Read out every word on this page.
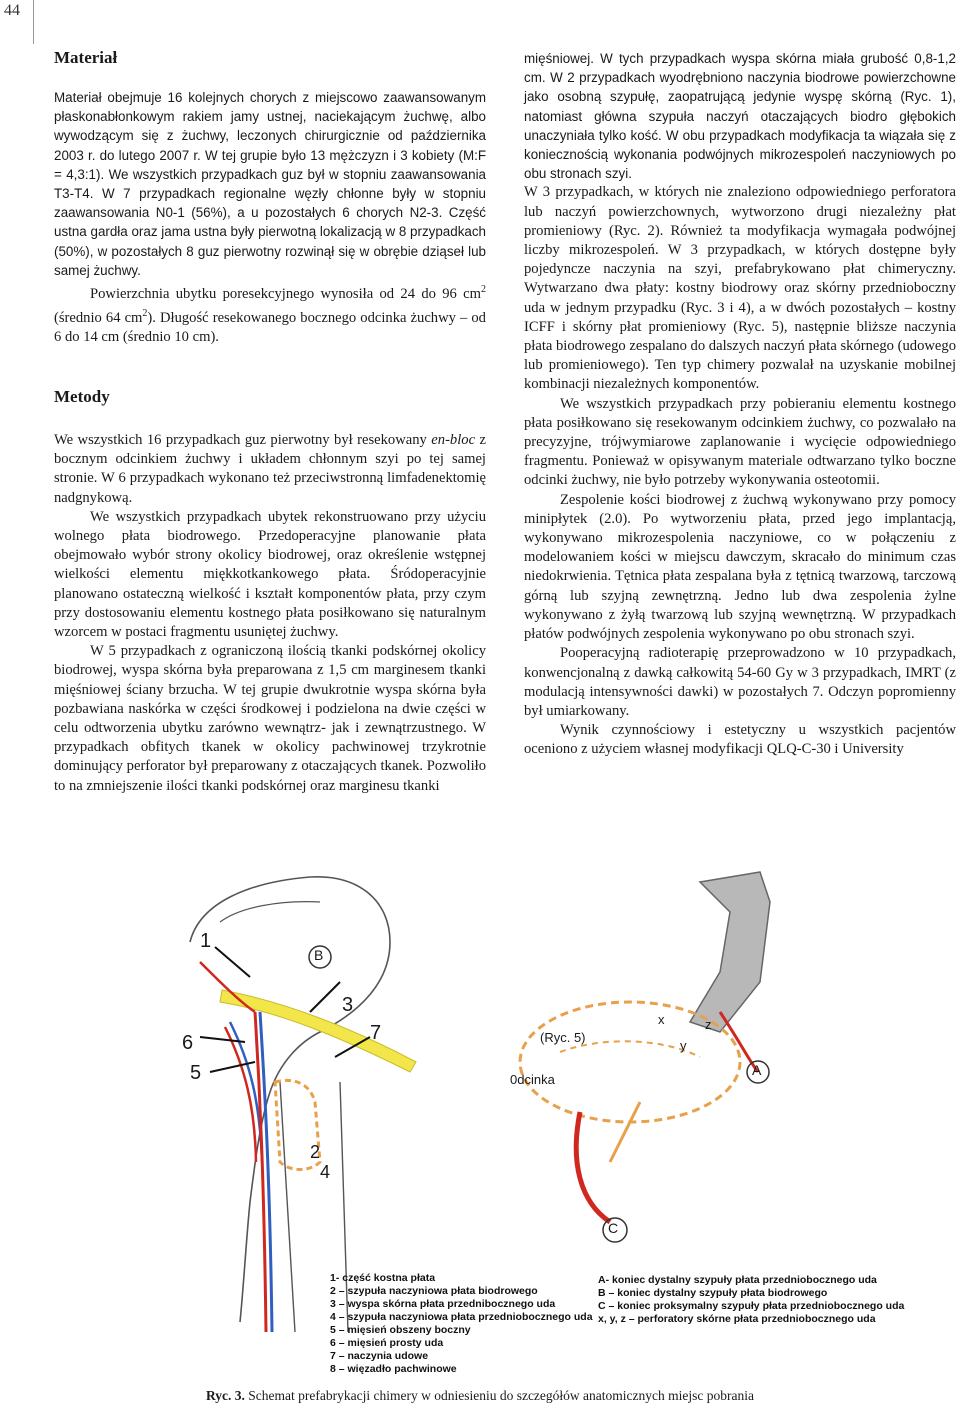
44
Materiał

Materiał obejmuje 16 kolejnych chorych z miejscowo zaawansowanym płaskonabłonkowym rakiem jamy ustnej, naciekającym żuchwę, albo wywodzącym się z żuchwy, leczonych chirurgicznie od października 2003 r. do lutego 2007 r. W tej grupie było 13 mężczyzn i 3 kobiety (M:F = 4,3:1). We wszystkich przypadkach guz był w stopniu zaawansowania T3-T4. W 7 przypadkach regionalne węzły chłonne były w stopniu zaawansowania N0-1 (56%), a u pozostałych 6 chorych N2-3. Część ustna gardła oraz jama ustna były pierwotną lokalizacją w 8 przypadkach (50%), w pozostałych 8 guz pierwotny rozwinął się w obrębie dziąseł lub samej żuchwy.

Powierzchnia ubytku poresekcyjnego wynosiła od 24 do 96 $cm^2$ (średnio 64 $cm^2$). Długość resekowanego bocznego odcinka żuchwy – od 6 do 14 cm (średnio 10 cm).

Metody

We wszystkich 16 przypadkach guz pierwotny był resekowany en-bloc z bocznym odcinkiem żuchwy i układem chłonnym szyi po tej samej stronie. W 6 przypadkach wykonano też przeciwstronną limfadenektomię nadgnykową.

We wszystkich przypadkach ubytek rekonstruowano przy użyciu wolnego płata biodrowego. Przedoperacyjne planowanie płata obejmowało wybór strony okolicy biodrowej, oraz określenie wstępnej wielkości elementu miękkotkankowego płata. Śródoperacyjnie planowano ostateczną wielkość i kształt komponentów płata, przy czym przy dostosowaniu elementu kostnego płata posiłkowano się naturalnym wzorcem w postaci fragmentu usuniętej żuchwy.

W 5 przypadkach z ograniczoną ilością tkanki podskórnej okolicy biodrowej, wyspa skórna była preparowana z 1,5 cm marginesem tkanki mięśniowej ściany brzucha. W tej grupie dwukrotnie wyspa skórna była pozbawiana naskórka w części środkowej i podzielona na dwie części w celu odtworzenia ubytku zarówno wewnątrz- jak i zewnątrzustnego. W przypadkach obfitych tkanek w okolicy pachwinowej trzykrotnie dominujący perforator był preparowany z otaczających tkanek. Pozwoliło to na zmniejszenie ilości tkanki podskórnej oraz marginesu tkanki

mięśniowej. W tych przypadkach wyspa skórna miała grubość 0,8-1,2 cm. W 2 przypadkach wyodrębniono naczynia biodrowe powierzchowne jako osobną szypułę, zaopatrującą jedynie wyspę skórną (Ryc. 1), natomiast główna szypuła naczyń otaczających biodro głębokich unaczyniała tylko kość. W obu przypadkach modyfikacja ta wiązała się z koniecznością wykonania podwójnych mikrozespoleń naczyniowych po obu stronach szyi.

W 3 przypadkach, w których nie znaleziono odpowiedniego perforatora lub naczyń powierzchownych, wytworzono drugi niezależny płat promieniowy (Ryc. 2). Również ta modyfikacja wymagała podwójnej liczby mikrozespoleń. W 3 przypadkach, w których dostępne były pojedyncze naczynia na szyi, prefabrykowano płat chimeryczny. Wytwarzano dwa płaty: kostny biodrowy oraz skórny przednioboczny uda w jednym przypadku (Ryc. 3 i 4), a w dwóch pozostałych – kostny ICFF i skórny płat promieniowy (Ryc. 5), następnie bliższe naczynia płata biodrowego zespalano do dalszych naczyń płata skórnego (udowego lub promieniowego). Ten typ chimery pozwalał na uzyskanie mobilnej kombinacji niezależnych komponentów.

We wszystkich przypadkach przy pobieraniu elementu kostnego płata posiłkowano się resekowanym odcinkiem żuchwy, co pozwalało na precyzyjne, trójwymiarowe zaplanowanie i wycięcie odpowiedniego fragmentu. Ponieważ w opisywanym materiale odtwarzano tylko boczne odcinki żuchwy, nie było potrzeby wykonywania osteotomii.

Zespolenie kości biodrowej z żuchwą wykonywano przy pomocy minipłytek (2.0). Po wytworzeniu płata, przed jego implantacją, wykonywano mikrozespolenia naczyniowe, co w połączeniu z modelowaniem kości w miejscu dawczym, skracało do minimum czas niedokrwienia. Tętnica płata zespalana była z tętnicą twarzową, tarczową górną lub szyjną zewnętrzną. Jedno lub dwa zespolenia żylne wykonywano z żyłą twarzową lub szyjną wewnętrzną. W przypadkach płatów podwójnych zespolenia wykonywano po obu stronach szyi.

Pooperacyjną radioterapię przeprowadzono w 10 przypadkach, konwencjonalną z dawką całkowitą 54-60 Gy w 3 przypadkach, IMRT (z modulacją intensywności dawki) w pozostałych 7. Odczyn popromienny był umiarkowany.

Wynik czynnościowy i estetyczny u wszystkich pacjentów oceniono z użyciem własnej modyfikacji QLQ-C-30 i University

1
6
5
3
7
2
4
B
A
C
(Ryc. 5)
0dcinka
z
y
x
1- część kostna płata
2 – szypuła naczyniowa płata biodrowego
3 – wyspa skórna płata przednibocznego uda
4 – szypuła naczyniowa płata przedniobocznego uda
5 – mięsień obszeny boczny
6 – mięsień prosty uda
7 – naczynia udowe
8 – więzadło pachwinowe
A- koniec dystalny szypuły płata przedniobocznego uda
B – koniec dystalny szypuły płata biodrowego
C – koniec proksymalny szypuły płata przedniobocznego uda
x, y, z – perforatory skórne płata przedniobocznego uda
Ryc. 3. Schemat prefabrykacji chimery w odniesieniu do szczegółów anatomicznych miejsc pobrania
